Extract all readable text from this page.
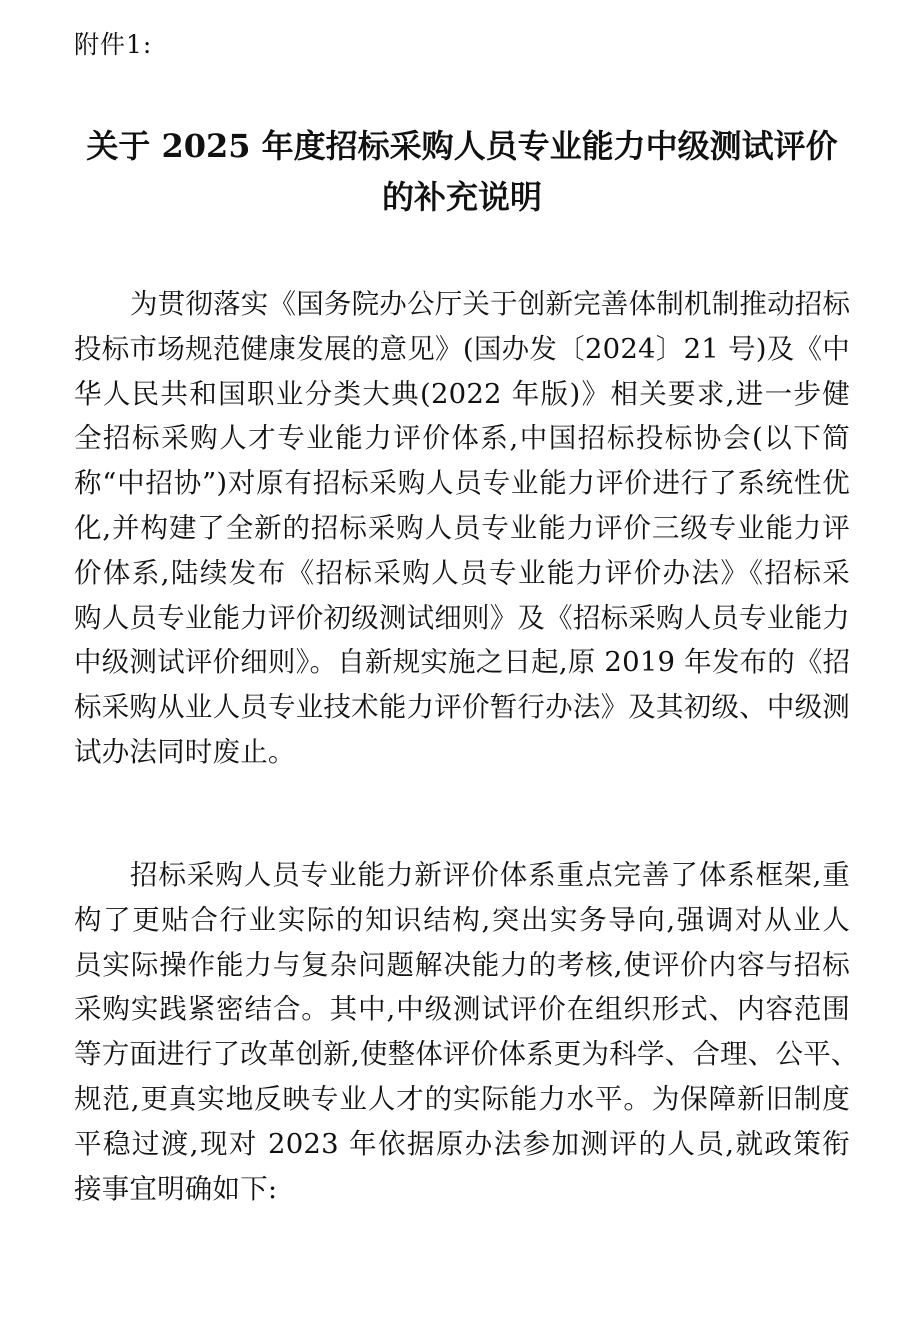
附件1:
关于 2025 年度招标采购人员专业能力中级测试评价
的补充说明
为贯彻落实《国务院办公厅关于创新完善体制机制推动招标
投标市场规范健康发展的意见》(国办发〔2024〕21 号)及《中
华人民共和国职业分类大典(2022 年版)》相关要求,进一步健
全招标采购人才专业能力评价体系,中国招标投标协会(以下简
称“中招协”)对原有招标采购人员专业能力评价进行了系统性优
化,并构建了全新的招标采购人员专业能力评价三级专业能力评
价体系,陆续发布《招标采购人员专业能力评价办法》《招标采
购人员专业能力评价初级测试细则》及《招标采购人员专业能力
中级测试评价细则》。自新规实施之日起,原 2019 年发布的《招
标采购从业人员专业技术能力评价暂行办法》及其初级、中级测
试办法同时废止。
招标采购人员专业能力新评价体系重点完善了体系框架,重
构了更贴合行业实际的知识结构,突出实务导向,强调对从业人
员实际操作能力与复杂问题解决能力的考核,使评价内容与招标
采购实践紧密结合。其中,中级测试评价在组织形式、内容范围
等方面进行了改革创新,使整体评价体系更为科学、合理、公平、
规范,更真实地反映专业人才的实际能力水平。为保障新旧制度
平稳过渡,现对 2023 年依据原办法参加测评的人员,就政策衔
接事宜明确如下:
